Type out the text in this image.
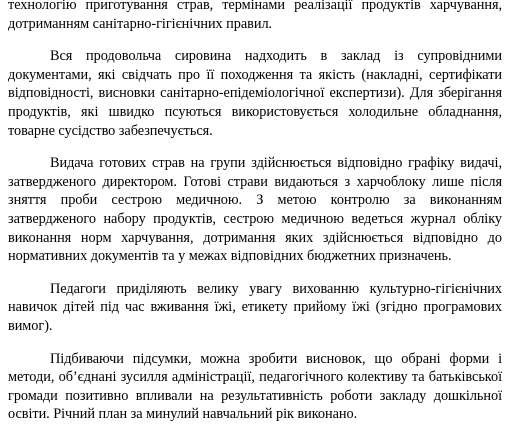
технологію приготування страв, термінами реалізації продуктів харчування, дотриманням санітарно-гігієнічних правил.

Вся продовольча сировина надходить в заклад із супровідними документами, які свідчать про її походження та якість (накладні, сертифікати відповідності, висновки санітарно-епідеміологічної експертизи). Для зберігання продуктів, які швидко псуються використовується холодильне обладнання, товарне сусідство забезпечується.

Видача готових страв на групи здійснюється відповідно графіку видачі, затвердженого директором. Готові страви видаються з харчоблоку лише після зняття проби сестрою медичною. З метою контролю за виконанням затвердженого набору продуктів, сестрою медичною ведеться журнал обліку виконання норм харчування, дотримання яких здійснюється відповідно до нормативних документів та у межах відповідних бюджетних призначень.

Педагоги приділяють велику увагу вихованню культурно-гігієнічних навичок дітей під час вживання їжі, етикету прийому їжі (згідно програмових вимог).

Підбиваючи підсумки, можна зробити висновок, що обрані форми і методи, об’єднані зусилля адміністрації, педагогічного колективу та батьківської громади позитивно впливали на результативність роботи закладу дошкільної освіти. Річний план за минулий навчальний рік виконано.
